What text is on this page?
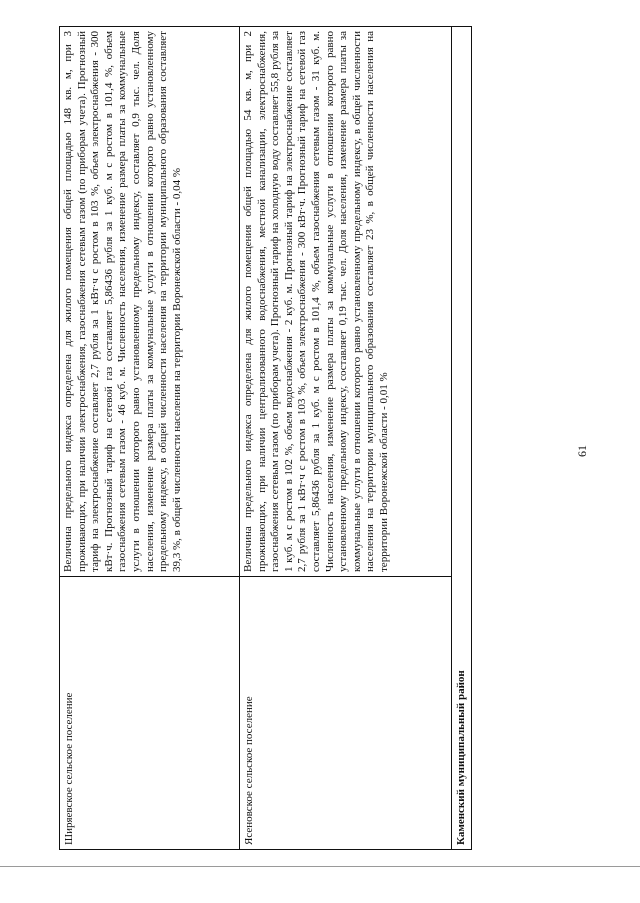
61
Ширяевское сельское поселение
Величина предельного индекса определена для жилого помещения общей площадью 148 кв. м, при 3 проживающих, при наличии электроснабжения, газоснабжения сетевым газом (по приборам учета). Прогнозный тариф на электроснабжение составляет 2,7 рубля за 1 кВт·ч с ростом в 103 %, объем электроснабжения - 300 кВт·ч. Прогнозный тариф на сетевой газ составляет 5,86436 рубля за 1 куб. м с ростом в 101,4 %, объем газоснабжения сетевым газом - 46 куб. м. Численность населения, изменение размера платы за коммунальные услуги в отношении которого равно установленному предельному индексу, составляет 0,9 тыс. чел. Доля населения, изменение размера платы за коммунальные услуги в отношении которого равно установленному предельному индексу, в общей численности населения на территории муниципального образования составляет 39,3 %, в общей численности населения на территории Воронежской области - 0,04 %
Ясеновское сельское поселение
Величина предельного индекса определена для жилого помещения общей площадью 54 кв. м, при 2 проживающих, при наличии централизованного водоснабжения, местной канализации, электроснабжения, газоснабжения сетевым газом (по приборам учета). Прогнозный тариф на холодную воду составляет 55,8 рубля за 1 куб. м с ростом в 102 %, объем водоснабжения - 2 куб. м. Прогнозный тариф на электроснабжение составляет 2,7 рубля за 1 кВт·ч с ростом в 103 %, объем электроснабжения - 300 кВт·ч. Прогнозный тариф на сетевой газ составляет 5,86436 рубля за 1 куб. м с ростом в 101,4 %, объем газоснабжения сетевым газом - 31 куб. м. Численность населения, изменение размера платы за коммунальные услуги в отношении которого равно установленному предельному индексу, составляет 0,19 тыс. чел. Доля населения, изменение размера платы за коммунальные услуги в отношении которого равно установленному предельному индексу, в общей численности населения на территории муниципального образования составляет 23 %, в общей численности населения на территории Воронежской области - 0,01 %
Каменский муниципальный район
